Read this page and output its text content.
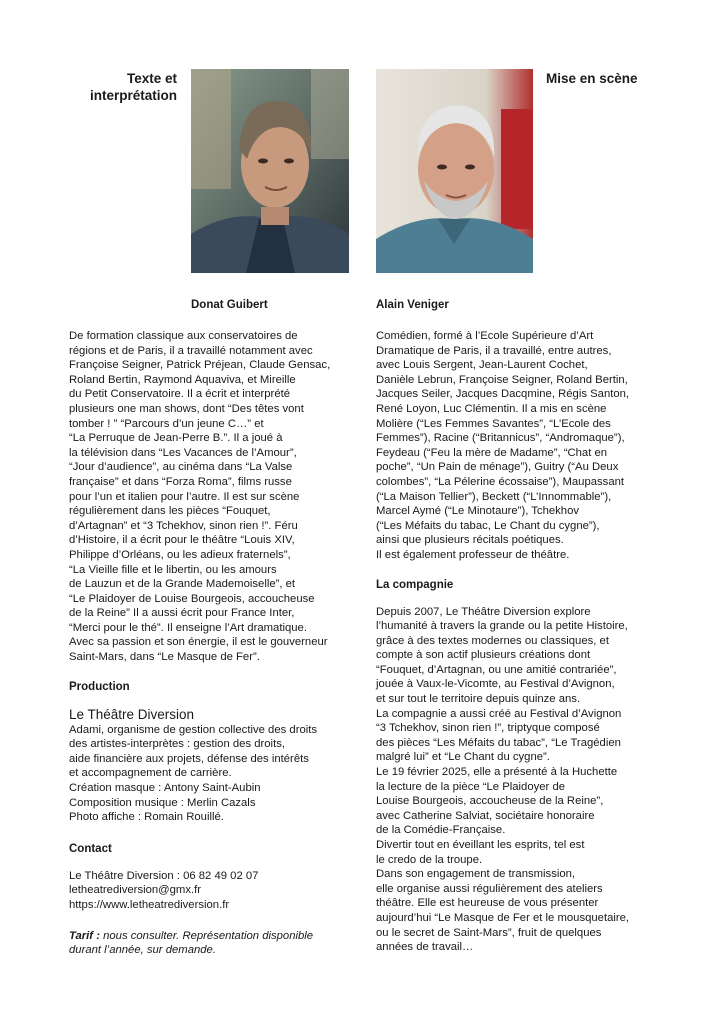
Texte et
interprétation
Mise en scène
Donat Guibert	Alain Veniger
De formation classique aux conservatoires de
régions et de Paris, il a travaillé notamment avec
Françoise Seigner, Patrick Préjean, Claude Gensac,
Roland Bertin, Raymond Aquaviva, et Mireille
du Petit Conservatoire. Il a écrit et interprété
plusieurs one man shows, dont “Des têtes vont
tomber ! ” “Parcours d’un jeune C…” et
“La Perruque de Jean-Perre B.”. Il a joué à
la télévision dans “Les Vacances de l’Amour”,
“Jour d’audience”, au cinéma dans “La Valse
française” et dans “Forza Roma”, films russe
pour l’un et italien pour l’autre. Il est sur scène
régulièrement dans les pièces “Fouquet,
d’Artagnan” et “3 Tchekhov, sinon rien !”. Féru
d’Histoire, il a écrit pour le théâtre “Louis XIV,
Philippe d’Orléans, ou les adieux fraternels”,
“La Vieille fille et le libertin, ou les amours
de Lauzun et de la Grande Mademoiselle”, et
“Le Plaidoyer de Louise Bourgeois, accoucheuse
de la Reine” Il a aussi écrit pour France Inter,
“Merci pour le thé”. Il enseigne l’Art dramatique.
Avec sa passion et son énergie, il est le gouverneur
Saint-Mars, dans “Le Masque de Fer”.
Production
Le Théâtre Diversion
Adami, organisme de gestion collective des droits
des artistes-interprètes : gestion des droits,
aide financière aux projets, défense des intérêts
et accompagnement de carrière.
Création masque : Antony Saint-Aubin
Composition musique : Merlin Cazals
Photo affiche : Romain Rouillé.
Contact
Le Théâtre Diversion : 06 82 49 02 07
letheatrediversion@gmx.fr
https://www.letheatrediversion.fr
Tarif : nous consulter. Représentation disponible
durant l’année, sur demande.
Comédien, formé à l’Ecole Supérieure d’Art
Dramatique de Paris, il a travaillé, entre autres,
avec Louis Sergent, Jean-Laurent Cochet,
Danièle Lebrun, Françoise Seigner, Roland Bertin,
Jacques Seiler, Jacques Dacqmine, Régis Santon,
René Loyon, Luc Clémentin. Il a mis en scène
Molière (“Les Femmes Savantes”, “L’Ecole des
Femmes”), Racine (“Britannicus”, “Andromaque”),
Feydeau (“Feu la mère de Madame”, “Chat en
poche”, “Un Pain de ménage”), Guitry (“Au Deux
colombes”, “La Pélerine écossaise”), Maupassant
(“La Maison Tellier”), Beckett (“L’Innommable”),
Marcel Aymé (“Le Minotaure”), Tchekhov
(“Les Méfaits du tabac, Le Chant du cygne”),
ainsi que plusieurs récitals poétiques.
Il est également professeur de théâtre.
La compagnie
Depuis 2007, Le Théâtre Diversion explore
l’humanité à travers la grande ou la petite Histoire,
grâce à des textes modernes ou classiques, et
compte à son actif plusieurs créations dont
“Fouquet, d’Artagnan, ou une amitié contrariée”,
jouée à Vaux-le-Vicomte, au Festival d’Avignon,
et sur tout le territoire depuis quinze ans.
La compagnie a aussi créé au Festival d’Avignon
“3 Tchekhov, sinon rien !”, triptyque composé
des pièces “Les Méfaits du tabac”, “Le Tragédien
malgré lui” et “Le Chant du cygne”.
Le 19 février 2025, elle a présenté à la Huchette
la lecture de la pièce “Le Plaidoyer de
Louise Bourgeois, accoucheuse de la Reine”,
avec Catherine Salviat, sociétaire honoraire
de la Comédie-Française.
Divertir tout en éveillant les esprits, tel est
le credo de la troupe.
Dans son engagement de transmission,
elle organise aussi régulièrement des ateliers
théâtre. Elle est heureuse de vous présenter
aujourd’hui “Le Masque de Fer et le mousquetaire,
ou le secret de Saint-Mars”, fruit de quelques
années de travail…
